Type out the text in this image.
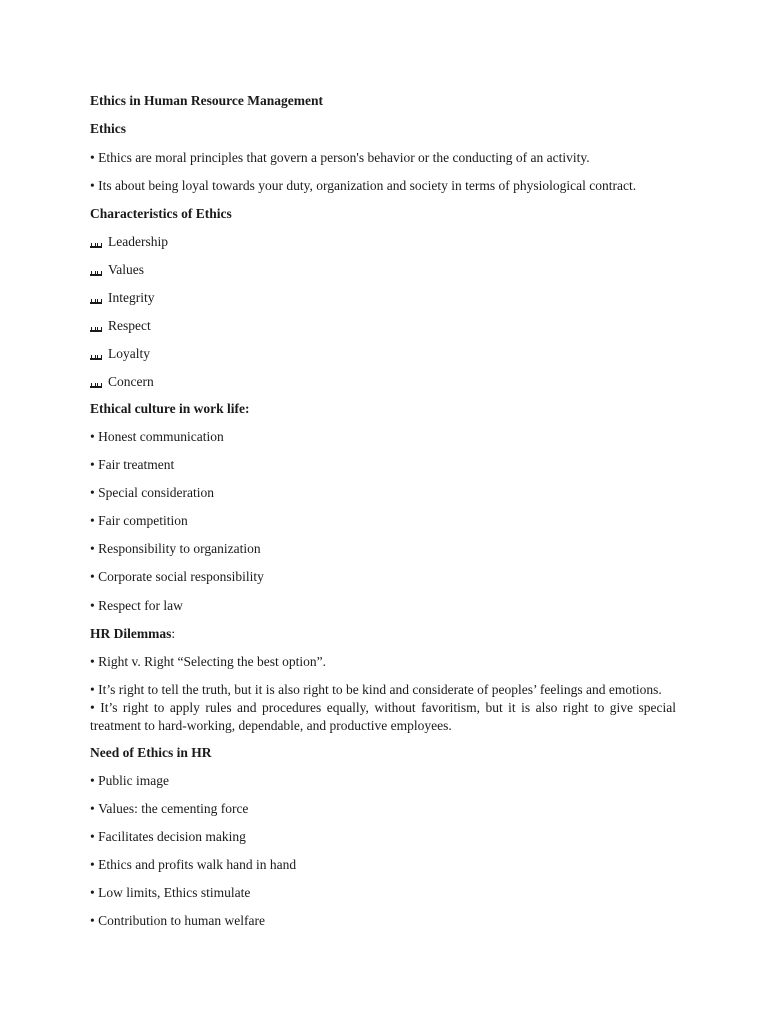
Ethics in Human Resource Management
Ethics
• Ethics are moral principles that govern a person's behavior or the conducting of an activity.
• Its about being loyal towards your duty, organization and society in terms of physiological contract.
Characteristics of Ethics
Leadership
Values
Integrity
Respect
Loyalty
Concern
Ethical culture in work life:
• Honest communication
• Fair treatment
• Special consideration
• Fair competition
• Responsibility to organization
• Corporate social responsibility
• Respect for law
HR Dilemmas:
• Right v. Right “Selecting the best option”.
• It’s right to tell the truth, but it is also right to be kind and considerate of peoples’ feelings and emotions.
• It’s right to apply rules and procedures equally, without favoritism, but it is also right to give special treatment to hard-working, dependable, and productive employees.
Need of Ethics in HR
• Public image
• Values: the cementing force
• Facilitates decision making
• Ethics and profits walk hand in hand
• Low limits, Ethics stimulate
• Contribution to human welfare
